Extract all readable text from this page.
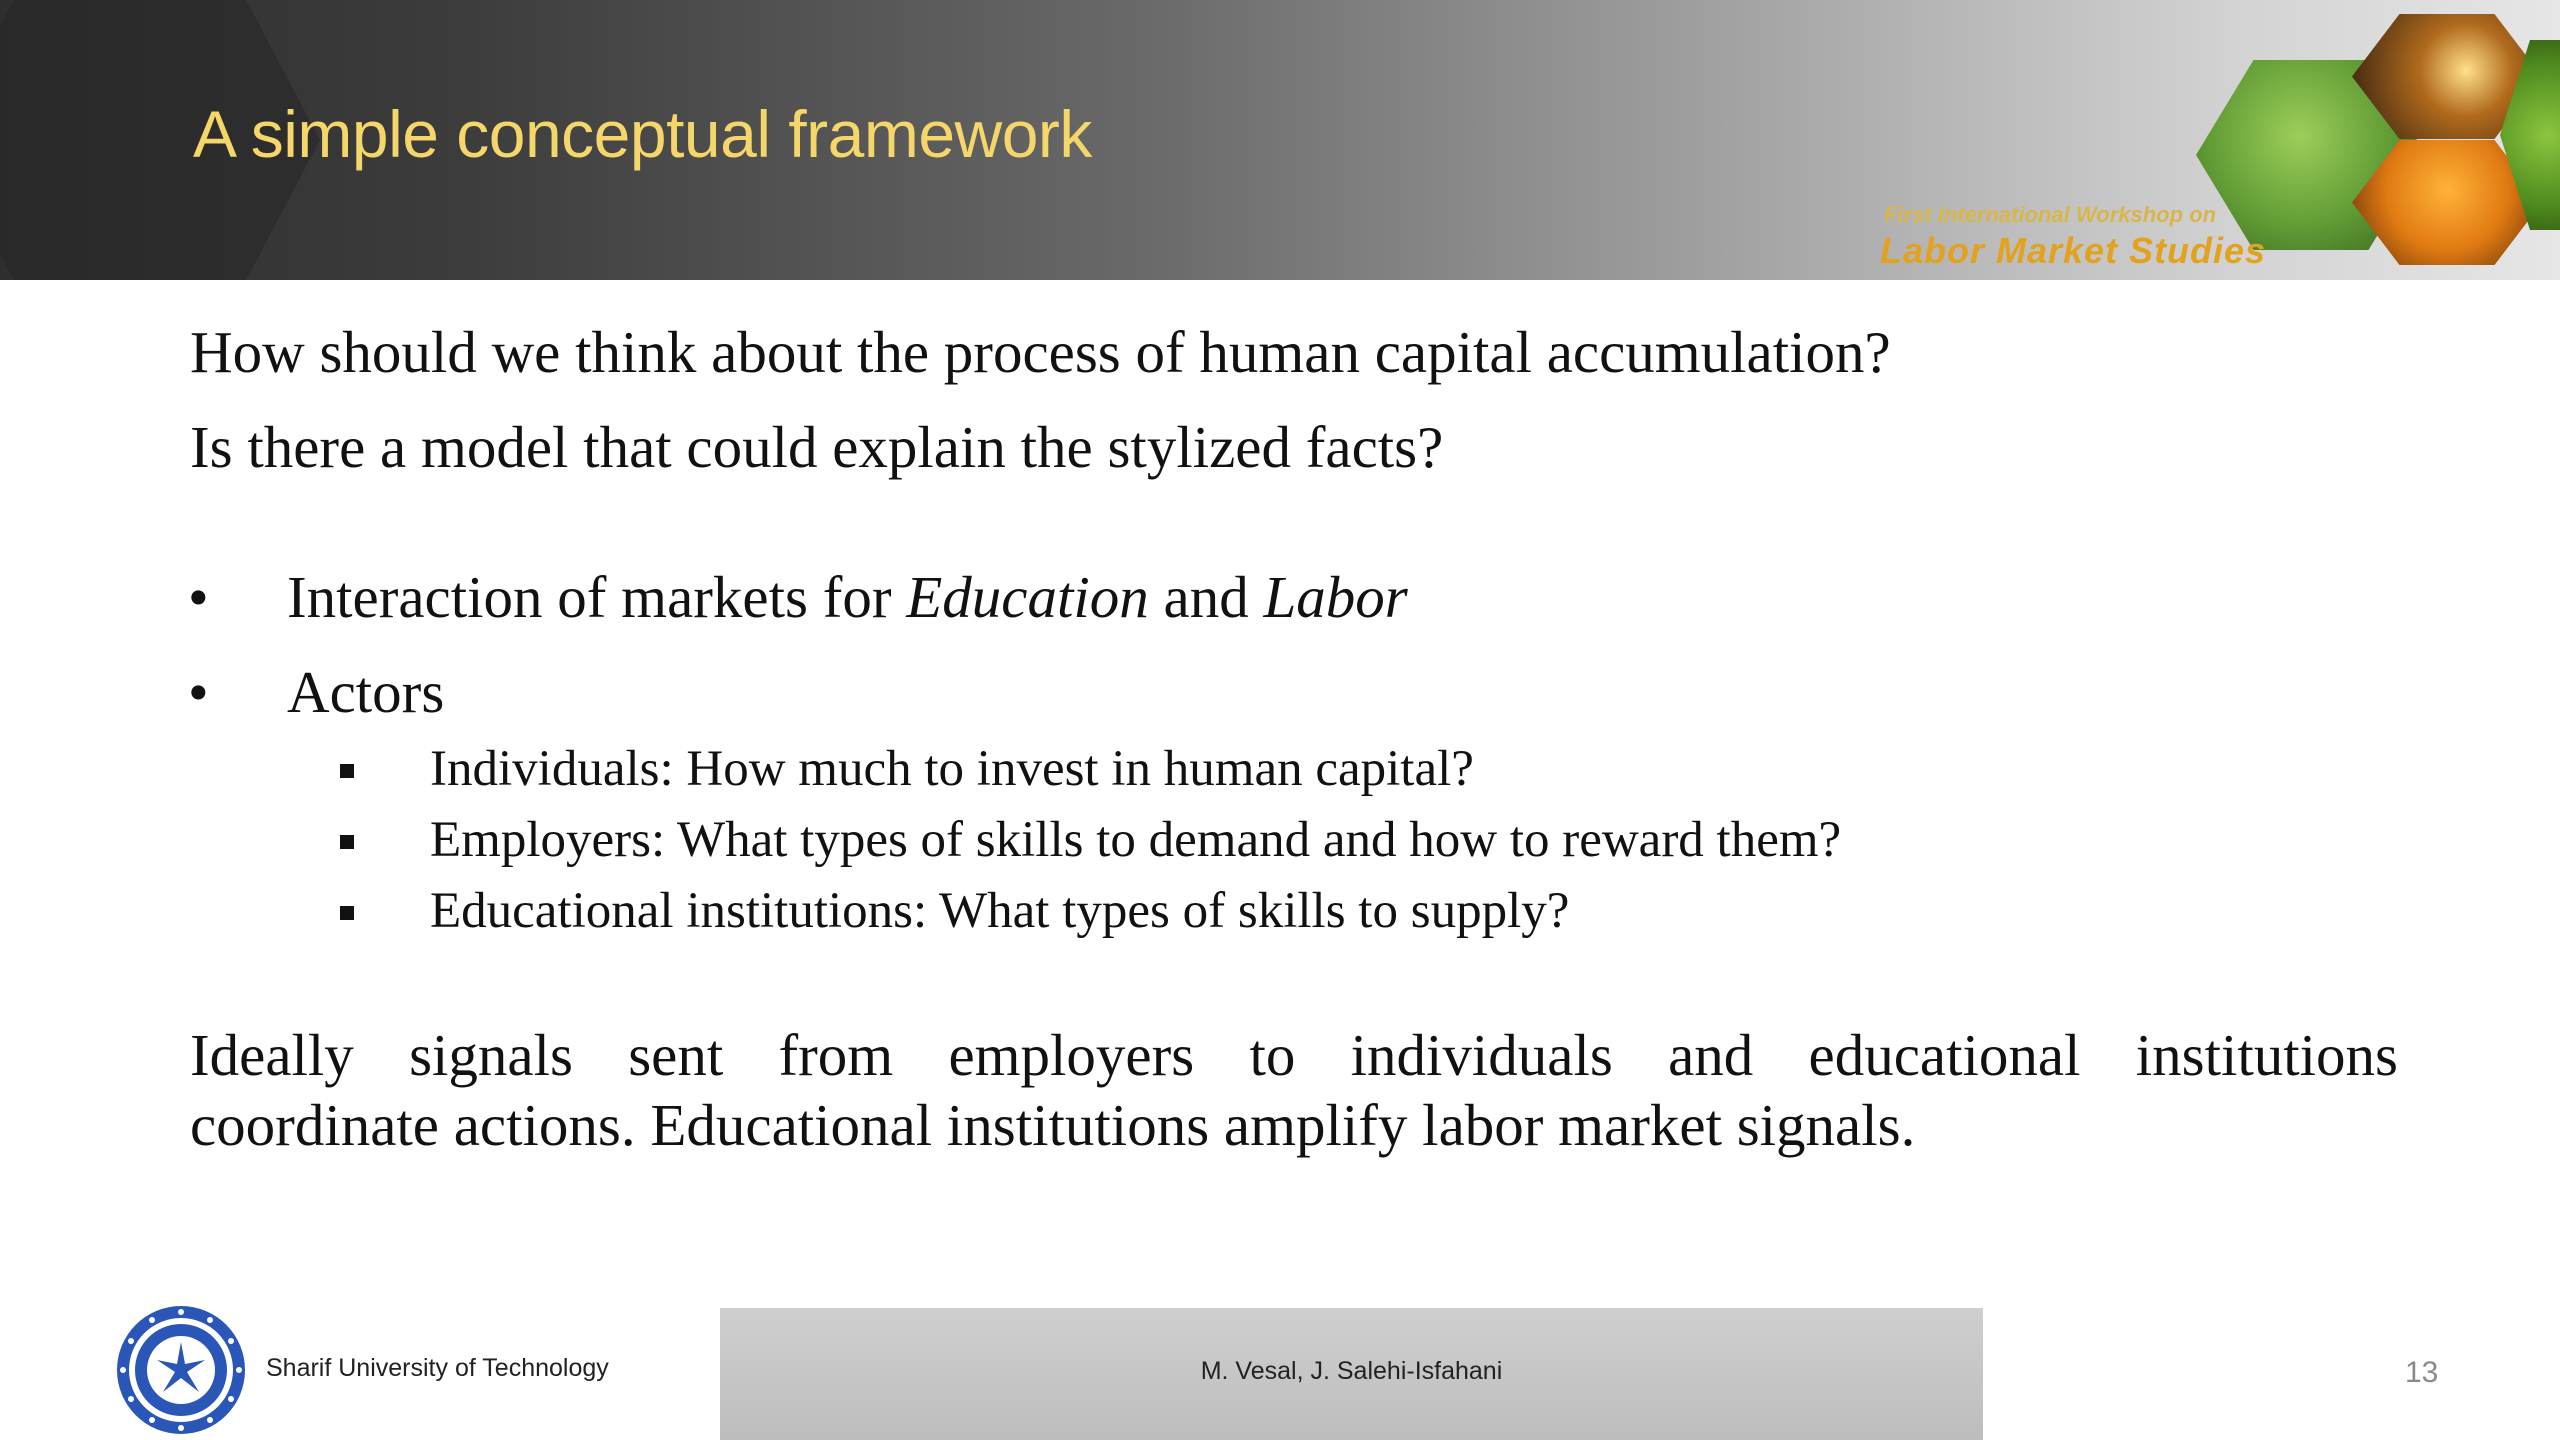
A simple conceptual framework
First International Workshop on
Labor Market Studies
How should we think about the process of human capital accumulation?
Is there a model that could explain the stylized facts?
• Interaction of markets for Education and Labor
• Actors
Individuals: How much to invest in human capital?
Employers: What types of skills to demand and how to reward them?
Educational institutions: What types of skills to supply?
Ideally signals sent from employers to individuals and educational institutions
coordinate actions. Educational institutions amplify labor market signals.
Sharif University of Technology	M. Vesal, J. Salehi-Isfahani	13
